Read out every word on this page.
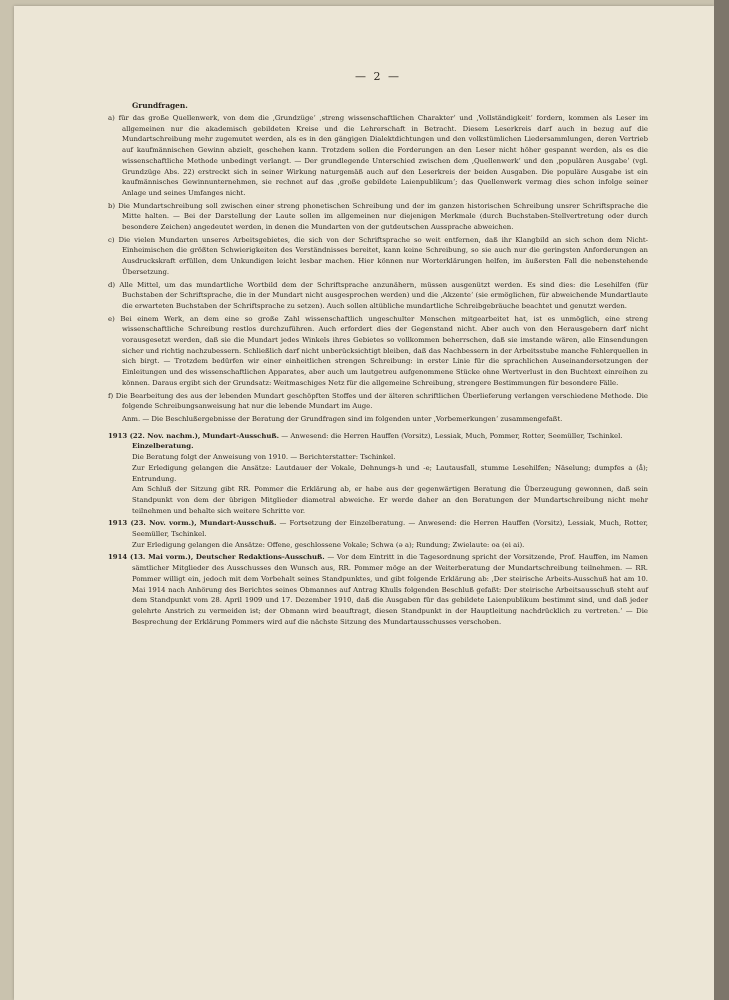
— 2 —
Grundfragen.

a) für das große Quellenwerk, von dem die ‚Grundzüge‘ ‚streng wissenschaftlichen Charakter‘ und ‚Vollständigkeit‘ fordern, kommen als Leser im allgemeinen nur die akademisch gebildeten Kreise und die Lehrerschaft in Betracht. Diesem Leserkreis darf auch in bezug auf die Mundartschreibung mehr zugemutet werden, als es in den gängigen Dialektdichtungen und den volkstümlichen Liedersammlungen, deren Vertrieb auf kaufmännischen Gewinn abzielt, geschehen kann. Trotzdem sollen die Forderungen an den Leser nicht höher gespannt werden, als es die wissenschaftliche Methode unbedingt verlangt. — Der grundlegende Unterschied zwischen dem ‚Quellenwerk‘ und den ‚populären Ausgabe‘ (vgl. Grundzüge Abs. 22) erstreckt sich in seiner Wirkung naturgemäß auch auf den Leserkreis der beiden Ausgaben. Die populäre Ausgabe ist ein kaufmännisches Gewinnunternehmen, sie rechnet auf das ‚große gebildete Laienpublikum‘; das Quellenwerk vermag dies schon infolge seiner Anlage und seines Umfanges nicht.

b) Die Mundartschreibung soll zwischen einer streng phonetischen Schreibung und der im ganzen historischen Schreibung unsrer Schriftsprache die Mitte halten. — Bei der Darstellung der Laute sollen im allgemeinen nur diejenigen Merkmale (durch Buchstaben-Stellvertretung oder durch besondere Zeichen) angedeutet werden, in denen die Mundarten von der gutdeutschen Aussprache abweichen.

c) Die vielen Mundarten unseres Arbeitsgebietes, die sich von der Schriftsprache so weit entfernen, daß ihr Klangbild an sich schon dem Nicht-Einheimischen die größten Schwierigkeiten des Verständnisses bereitet, kann keine Schreibung, so sie auch nur die geringsten Anforderungen an Ausdruckskraft erfüllen, dem Unkundigen leicht lesbar machen. Hier können nur Worterklärungen helfen, im äußersten Fall die nebenstehende Übersetzung.

d) Alle Mittel, um das mundartliche Wortbild dem der Schriftsprache anzunähern, müssen ausgenützt werden. Es sind dies: die Lesehilfen (für Buchstaben der Schriftsprache, die in der Mundart nicht ausgesprochen werden) und die ‚Akzente‘ (sie ermöglichen, für abweichende Mundartlaute die erwarteten Buchstaben der Schriftsprache zu setzen). Auch sollen altübliche mundartliche Schreibgebräuche beachtet und genutzt werden.

e) Bei einem Werk, an dem eine so große Zahl wissenschaftlich ungeschulter Menschen mitgearbeitet hat, ist es unmöglich, eine streng wissenschaftliche Schreibung restlos durchzuführen. Auch erfordert dies der Gegenstand nicht. Aber auch von den Herausgebern darf nicht vorausgesetzt werden, daß sie die Mundart jedes Winkels ihres Gebietes so vollkommen beherrschen, daß sie imstande wären, alle Einsendungen sicher und richtig nachzubessern. Schließlich darf nicht unberücksichtigt bleiben, daß das Nachbessern in der Arbeitsstube manche Fehlerquellen in sich birgt. — Trotzdem bedürfen wir einer einheitlichen strengen Schreibung: in erster Linie für die sprachlichen Auseinandersetzungen der Einleitungen und des wissenschaftlichen Apparates, aber auch um lautgetreu aufgenommene Stücke ohne Wertverlust in den Buchtext einreihen zu können. Daraus ergibt sich der Grundsatz: Weitmaschiges Netz für die allgemeine Schreibung, strengere Bestimmungen für besondere Fälle.

f) Die Bearbeitung des aus der lebenden Mundart geschöpften Stoffes und der älteren schriftlichen Überlieferung verlangen verschiedene Methode. Die folgende Schreibungsanweisung hat nur die lebende Mundart im Auge.

Anm. — Die Beschlußergebnisse der Beratung der Grundfragen sind im folgenden unter ‚Vorbemerkungen‘ zusammengefaßt.

1913 (22. Nov. nachm.), Mundart-Ausschuß. — Anwesend: die Herren Hauffen (Vorsitz), Lessiak, Much, Pommer, Rotter, Seemüller, Tschinkel.

Einzelberatung.

Die Beratung folgt der Anweisung von 1910. — Berichterstatter: Tschinkel.

Zur Erledigung gelangen die Ansätze: Lautdauer der Vokale, Dehnungs-h und -e; Lautausfall, stumme Lesehilfen; Näselung; dumpfes a (å); Entrundung.

Am Schluß der Sitzung gibt RR. Pommer die Erklärung ab, er habe aus der gegenwärtigen Beratung die Überzeugung gewonnen, daß sein Standpunkt von dem der übrigen Mitglieder diametral abweiche. Er werde daher an den Beratungen der Mundartschreibung nicht mehr teilnehmen und behalte sich weitere Schritte vor.

1913 (23. Nov. vorm.), Mundart-Ausschuß. — Fortsetzung der Einzelberatung. — Anwesend: die Herren Hauffen (Vorsitz), Lessiak, Much, Rotter, Seemüller, Tschinkel.

Zur Erledigung gelangen die Ansätze: Offene, geschlossene Vokale; Schwa (ə a); Rundung; Zwielaute: oa (ei ai).

1914 (13. Mai vorm.), Deutscher Redaktions-Ausschuß. — Vor dem Eintritt in die Tagesordnung spricht der Vorsitzende, Prof. Hauffen, im Namen sämtlicher Mitglieder des Ausschusses den Wunsch aus, RR. Pommer möge an der Weiterberatung der Mundartschreibung teilnehmen. — RR. Pommer willigt ein, jedoch mit dem Vorbehalt seines Standpunktes, und gibt folgende Erklärung ab: ‚Der steirische Arbeits-Ausschuß hat am 10. Mai 1914 nach Anhörung des Berichtes seines Obmannes auf Antrag Khulls folgenden Beschluß gefaßt: Der steirische Arbeitsausschuß steht auf dem Standpunkt vom 28. April 1909 und 17. Dezember 1910, daß die Ausgaben für das gebildete Laienpublikum bestimmt sind, und daß jeder gelehrte Anstrich zu vermeiden ist; der Obmann wird beauftragt, diesen Standpunkt in der Hauptleitung nachdrücklich zu vertreten.‘ — Die Besprechung der Erklärung Pommers wird auf die nächste Sitzung des Mundartausschusses verschoben.
